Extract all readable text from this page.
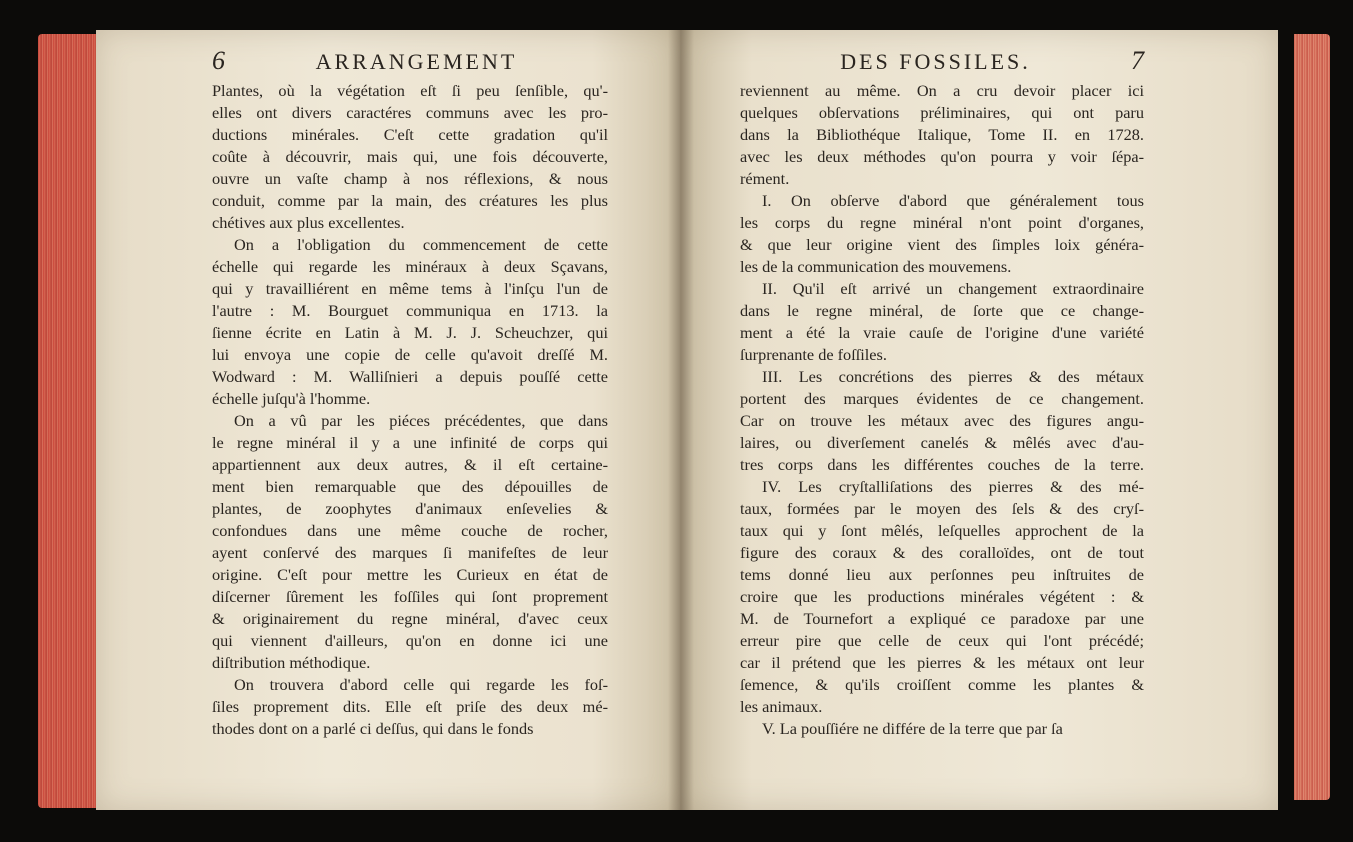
6	ARRANGEMENT
Plantes, où la végétation eſt ſi peu ſenſible, qu'-
elles ont divers caractéres communs avec les pro-
ductions minérales. C'eſt cette gradation qu'il
coûte à découvrir, mais qui, une fois découverte,
ouvre un vaſte champ à nos réflexions, & nous
conduit, comme par la main, des créatures les plus
chétives aux plus excellentes.
On a l'obligation du commencement de cette
échelle qui regarde les minéraux à deux Sçavans,
qui y travailliérent en même tems à l'inſçu l'un de
l'autre : M. Bourguet communiqua en 1713. la
ſienne écrite en Latin à M. J. J. Scheuchzer, qui
lui envoya une copie de celle qu'avoit dreſſé M.
Wodward : M. Walliſnieri a depuis pouſſé cette
échelle juſqu'à l'homme.
On a vû par les piéces précédentes, que dans
le regne minéral il y a une infinité de corps qui
appartiennent aux deux autres, & il eſt certaine-
ment bien remarquable que des dépouilles de
plantes, de zoophytes d'animaux enſevelies &
confondues dans une même couche de rocher,
ayent conſervé des marques ſi manifeſtes de leur
origine. C'eſt pour mettre les Curieux en état de
diſcerner ſûrement les foſſiles qui ſont proprement
& originairement du regne minéral, d'avec ceux
qui viennent d'ailleurs, qu'on en donne ici une
diſtribution méthodique.
On trouvera d'abord celle qui regarde les foſ-
ſiles proprement dits. Elle eſt priſe des deux mé-
thodes dont on a parlé ci deſſus, qui dans le fonds
DES FOSSILES.	7
reviennent au même. On a cru devoir placer ici
quelques obſervations préliminaires, qui ont paru
dans la Bibliothéque Italique, Tome II. en 1728.
avec les deux méthodes qu'on pourra y voir ſépa-
rément.
I. On obſerve d'abord que généralement tous
les corps du regne minéral n'ont point d'organes,
& que leur origine vient des ſimples loix généra-
les de la communication des mouvemens.
II. Qu'il eſt arrivé un changement extraordinaire
dans le regne minéral, de ſorte que ce change-
ment a été la vraie cauſe de l'origine d'une variété
ſurprenante de foſſiles.
III. Les concrétions des pierres & des métaux
portent des marques évidentes de ce changement.
Car on trouve les métaux avec des figures angu-
laires, ou diverſement canelés & mêlés avec d'au-
tres corps dans les différentes couches de la terre.
IV. Les cryſtalliſations des pierres & des mé-
taux, formées par le moyen des ſels & des cryſ-
taux qui y ſont mêlés, leſquelles approchent de la
figure des coraux & des coralloïdes, ont de tout
tems donné lieu aux perſonnes peu inſtruites de
croire que les productions minérales végétent : &
M. de Tournefort a expliqué ce paradoxe par une
erreur pire que celle de ceux qui l'ont précédé;
car il prétend que les pierres & les métaux ont leur
ſemence, & qu'ils croiſſent comme les plantes &
les animaux.
V. La pouſſiére ne différe de la terre que par ſa
